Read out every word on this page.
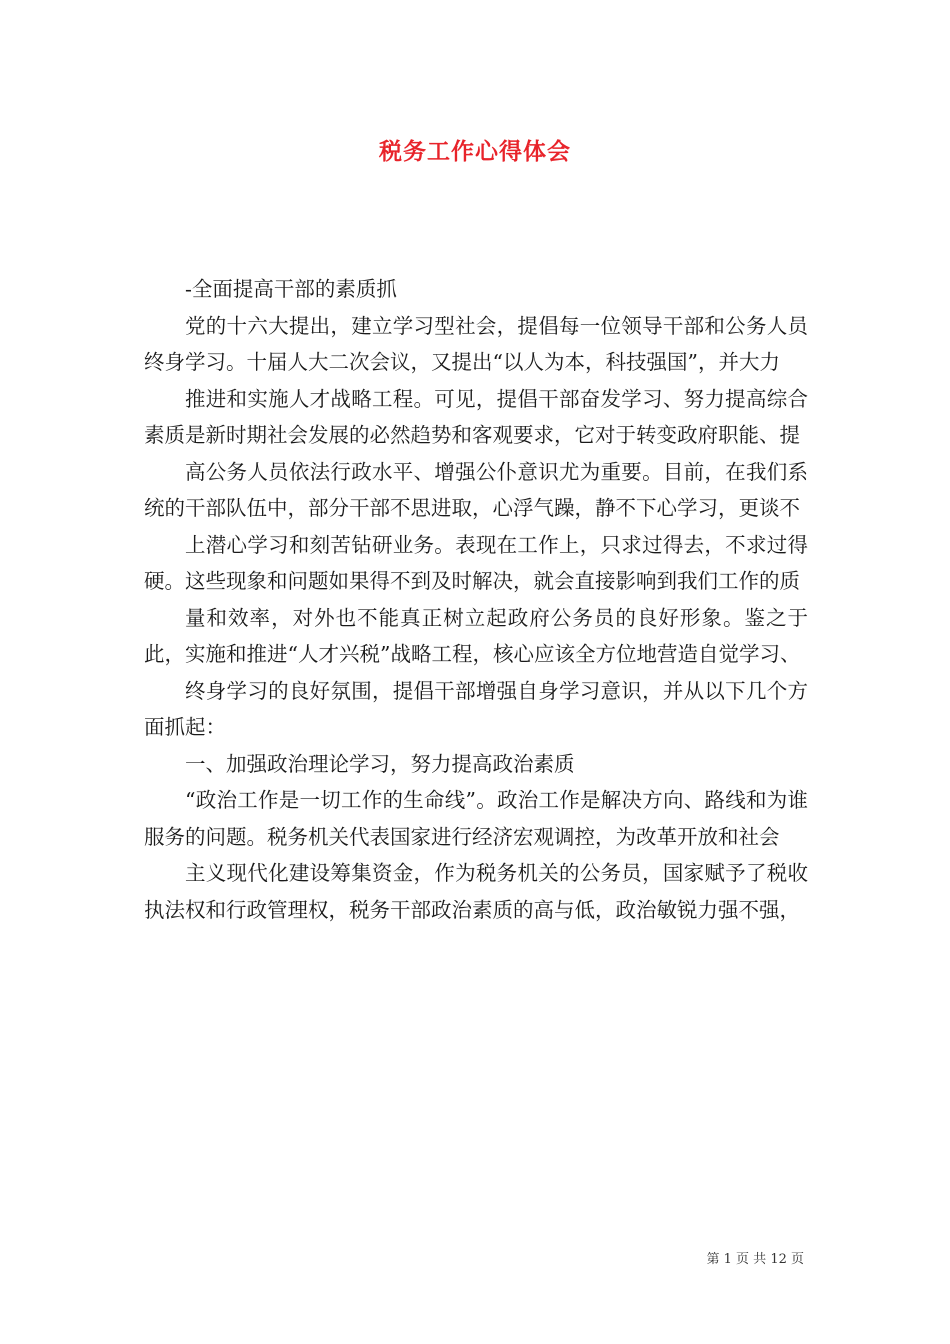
税务工作心得体会

-全面提高干部的素质抓

党的十六大提出，建立学习型社会，提倡每一位领导干部和公务人员终身学习。十届人大二次会议，又提出“以人为本，科技强国”，并大力

推进和实施人才战略工程。可见，提倡干部奋发学习、努力提高综合素质是新时期社会发展的必然趋势和客观要求，它对于转变政府职能、提

高公务人员依法行政水平、增强公仆意识尤为重要。目前，在我们系统的干部队伍中，部分干部不思进取，心浮气躁，静不下心学习，更谈不

上潜心学习和刻苦钻研业务。表现在工作上，只求过得去，不求过得硬。这些现象和问题如果得不到及时解决，就会直接影响到我们工作的质

量和效率，对外也不能真正树立起政府公务员的良好形象。鉴之于此，实施和推进“人才兴税”战略工程，核心应该全方位地营造自觉学习、

终身学习的良好氛围，提倡干部增强自身学习意识，并从以下几个方面抓起：

一、加强政治理论学习，努力提高政治素质

“政治工作是一切工作的生命线”。政治工作是解决方向、路线和为谁服务的问题。税务机关代表国家进行经济宏观调控，为改革开放和社会

主义现代化建设筹集资金，作为税务机关的公务员，国家赋予了税收执法权和行政管理权，税务干部政治素质的高与低，政治敏锐力强不强，

第 1 页 共 12 页
